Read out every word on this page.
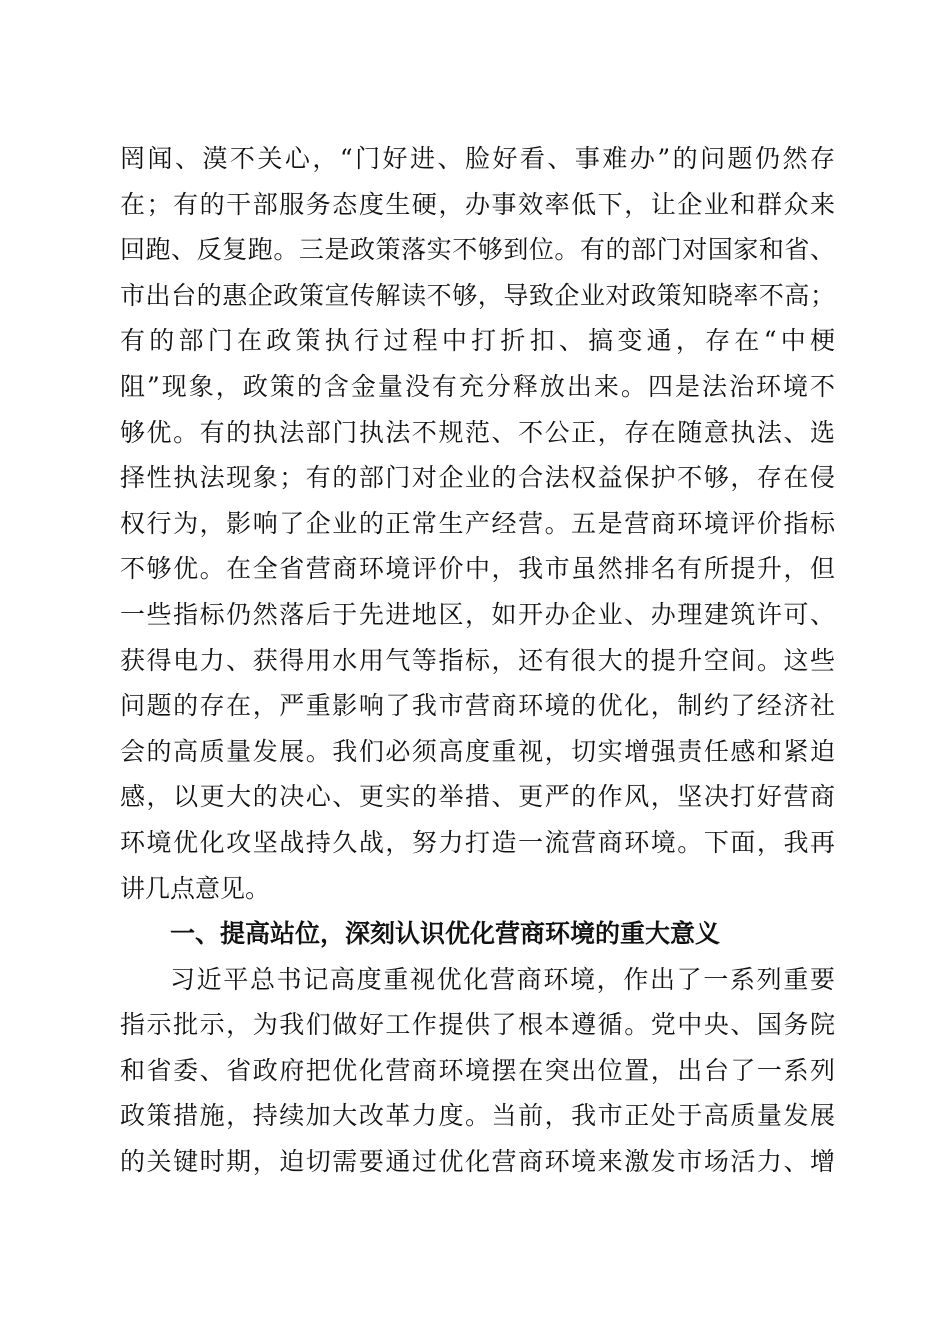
罔闻、漠不关心，“门好进、脸好看、事难办”的问题仍然存
在；有的干部服务态度生硬，办事效率低下，让企业和群众来
回跑、反复跑。三是政策落实不够到位。有的部门对国家和省、
市出台的惠企政策宣传解读不够，导致企业对政策知晓率不高；
有的部门在政策执行过程中打折扣、搞变通，存在“中梗
阻”现象，政策的含金量没有充分释放出来。四是法治环境不
够优。有的执法部门执法不规范、不公正，存在随意执法、选
择性执法现象；有的部门对企业的合法权益保护不够，存在侵
权行为，影响了企业的正常生产经营。五是营商环境评价指标
不够优。在全省营商环境评价中，我市虽然排名有所提升，但
一些指标仍然落后于先进地区，如开办企业、办理建筑许可、
获得电力、获得用水用气等指标，还有很大的提升空间。这些
问题的存在，严重影响了我市营商环境的优化，制约了经济社
会的高质量发展。我们必须高度重视，切实增强责任感和紧迫
感，以更大的决心、更实的举措、更严的作风，坚决打好营商
环境优化攻坚战持久战，努力打造一流营商环境。下面，我再
讲几点意见。
一、提高站位，深刻认识优化营商环境的重大意义
习近平总书记高度重视优化营商环境，作出了一系列重要
指示批示，为我们做好工作提供了根本遵循。党中央、国务院
和省委、省政府把优化营商环境摆在突出位置，出台了一系列
政策措施，持续加大改革力度。当前，我市正处于高质量发展
的关键时期，迫切需要通过优化营商环境来激发市场活力、增
